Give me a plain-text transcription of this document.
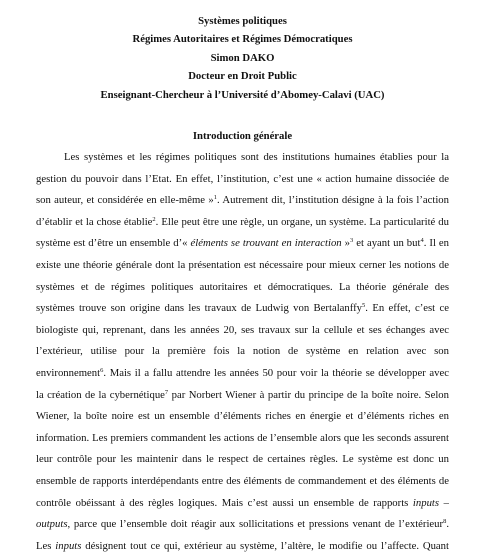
Systèmes politiques
Régimes Autoritaires et Régimes Démocratiques
Simon DAKO
Docteur en Droit Public
Enseignant-Chercheur à l’Université d’Abomey-Calavi (UAC)
Introduction générale
Les systèmes et les régimes politiques sont des institutions humaines établies pour la
gestion du pouvoir dans l’Etat. En effet, l’institution, c’est une « action humaine dissociée de
son auteur, et considérée en elle-même »$^1$. Autrement dit, l’institution désigne à la fois l’action
d’établir et la chose établie$^2$. Elle peut être une règle, un organe, un système. La particularité du
système est d’être un ensemble d’« éléments se trouvant en interaction »$^3$ et ayant un but$^4$. Il en
existe une théorie générale dont la présentation est nécessaire pour mieux cerner les notions de
systèmes et de régimes politiques autoritaires et démocratiques. La théorie générale des
systèmes trouve son origine dans les travaux de Ludwig von Bertalanffy$^5$. En effet, c’est ce
biologiste qui, reprenant, dans les années 20, ses travaux sur la cellule et ses échanges avec
l’extérieur, utilise pour la première fois la notion de système en relation avec son
environnement$^6$. Mais il a fallu attendre les années 50 pour voir la théorie se développer avec
la création de la cybernétique$^7$ par Norbert Wiener à partir du principe de la boîte noire. Selon
Wiener, la boîte noire est un ensemble d’éléments riches en énergie et d’éléments riches en
information. Les premiers commandent les actions de l’ensemble alors que les seconds assurent
leur contrôle pour les maintenir dans le respect de certaines règles. Le système est donc un
ensemble de rapports interdépendants entre des éléments de commandement et des éléments de
contrôle obéissant à des règles logiques. Mais c’est aussi un ensemble de rapports inputs –
outputs, parce que l’ensemble doit réagir aux sollicitations et pressions venant de l’extérieur$^8$.
Les inputs désignent tout ce qui, extérieur au système, l’altère, le modifie ou l’affecte. Quant
